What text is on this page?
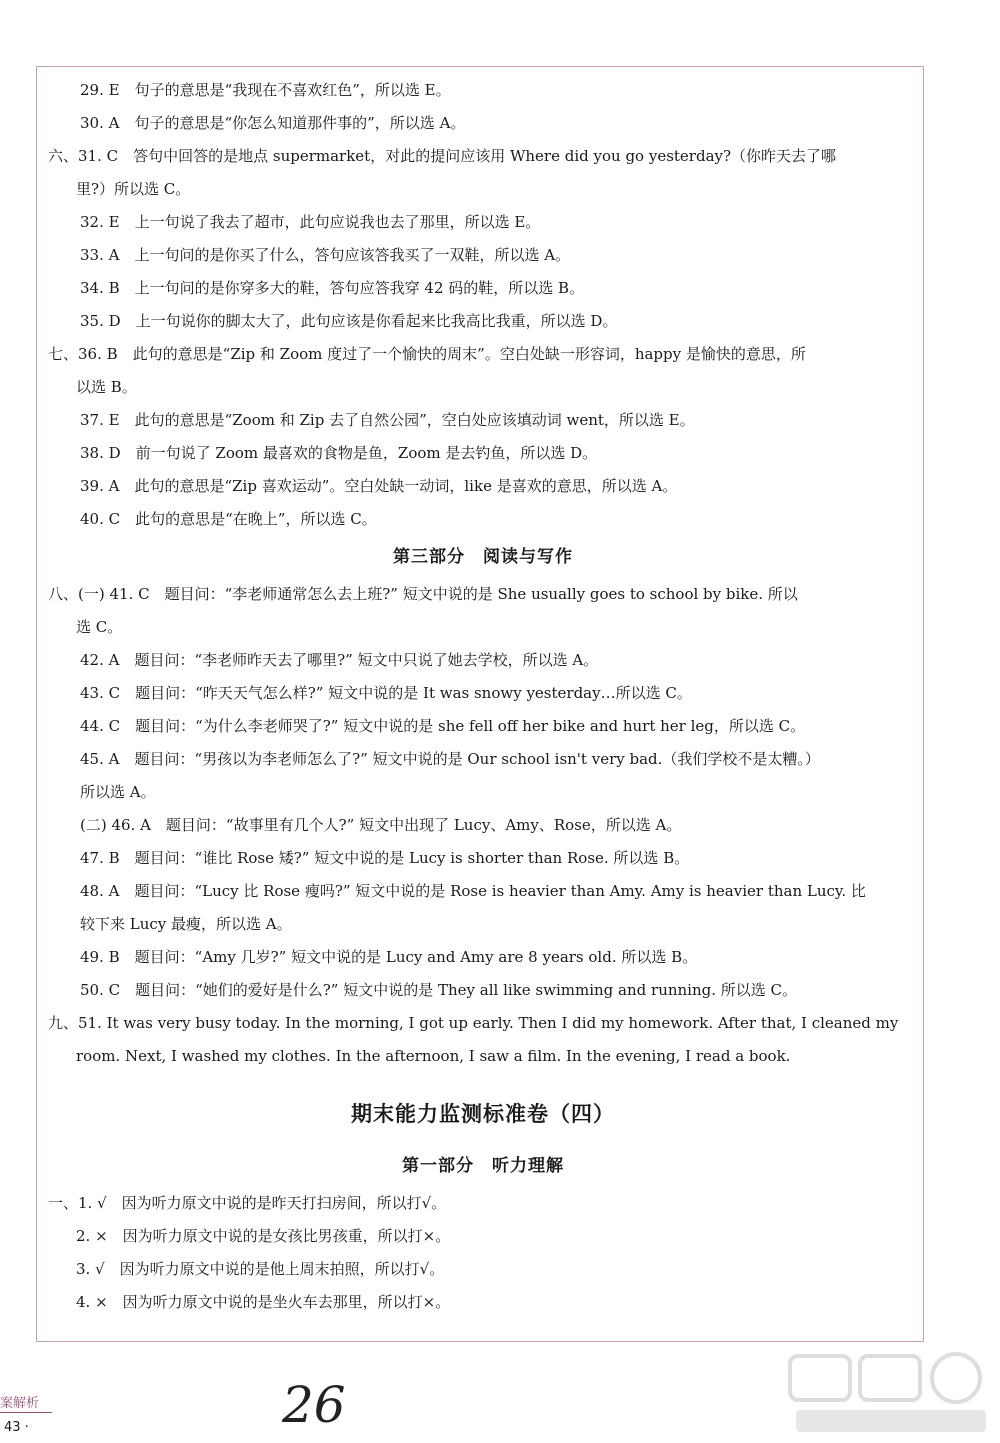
29. E　句子的意思是“我现在不喜欢红色”，所以选 E。
30. A　句子的意思是“你怎么知道那件事的”，所以选 A。
六、31. C　答句中回答的是地点 supermarket，对此的提问应该用 Where did you go yesterday?（你昨天去了哪
里?）所以选 C。
32. E　上一句说了我去了超市，此句应说我也去了那里，所以选 E。
33. A　上一句问的是你买了什么，答句应该答我买了一双鞋，所以选 A。
34. B　上一句问的是你穿多大的鞋，答句应答我穿 42 码的鞋，所以选 B。
35. D　上一句说你的脚太大了，此句应该是你看起来比我高比我重，所以选 D。
七、36. B　此句的意思是“Zip 和 Zoom 度过了一个愉快的周末”。空白处缺一形容词，happy 是愉快的意思，所
以选 B。
37. E　此句的意思是“Zoom 和 Zip 去了自然公园”，空白处应该填动词 went，所以选 E。
38. D　前一句说了 Zoom 最喜欢的食物是鱼，Zoom 是去钓鱼，所以选 D。
39. A　此句的意思是“Zip 喜欢运动”。空白处缺一动词，like 是喜欢的意思，所以选 A。
40. C　此句的意思是“在晚上”，所以选 C。
第三部分　阅读与写作
八、(一) 41. C　题目问：“李老师通常怎么去上班?” 短文中说的是 She usually goes to school by bike. 所以
选 C。
42. A　题目问：“李老师昨天去了哪里?” 短文中只说了她去学校，所以选 A。
43. C　题目问：“昨天天气怎么样?” 短文中说的是 It was snowy yesterday…所以选 C。
44. C　题目问：“为什么李老师哭了?” 短文中说的是 she fell off her bike and hurt her leg，所以选 C。
45. A　题目问：“男孩以为李老师怎么了?” 短文中说的是 Our school isn't very bad.（我们学校不是太糟。）
所以选 A。
(二) 46. A　题目问：“故事里有几个人?” 短文中出现了 Lucy、Amy、Rose，所以选 A。
47. B　题目问：“谁比 Rose 矮?” 短文中说的是 Lucy is shorter than Rose. 所以选 B。
48. A　题目问：“Lucy 比 Rose 瘦吗?” 短文中说的是 Rose is heavier than Amy. Amy is heavier than Lucy. 比
较下来 Lucy 最瘦，所以选 A。
49. B　题目问：“Amy 几岁?” 短文中说的是 Lucy and Amy are 8 years old. 所以选 B。
50. C　题目问：“她们的爱好是什么?” 短文中说的是 They all like swimming and running. 所以选 C。
九、51. It was very busy today. In the morning, I got up early. Then I did my homework. After that, I cleaned my
room. Next, I washed my clothes. In the afternoon, I saw a film. In the evening, I read a book.
期末能力监测标准卷（四）
第一部分　听力理解
一、1. √　因为听力原文中说的是昨天打扫房间，所以打√。
2. ×　因为听力原文中说的是女孩比男孩重，所以打×。
3. √　因为听力原文中说的是他上周末拍照，所以打√。
4. ×　因为听力原文中说的是坐火车去那里，所以打×。
案解析
43 ·	26
